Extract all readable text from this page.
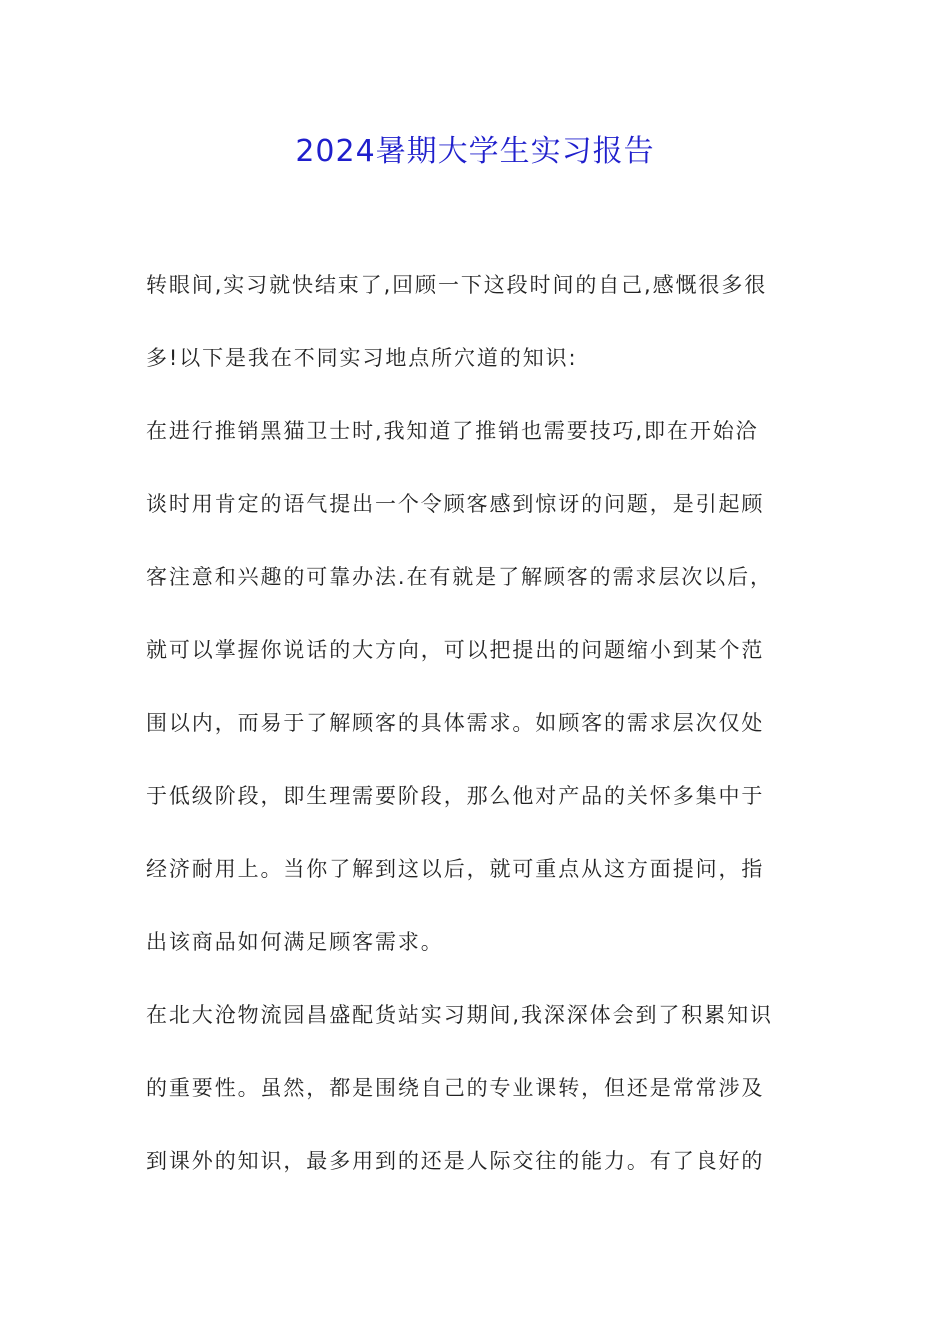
2024暑期大学生实习报告
转眼间,实习就快结束了,回顾一下这段时间的自己,感慨很多很
多!以下是我在不同实习地点所穴道的知识:
在进行推销黑猫卫士时,我知道了推销也需要技巧,即在开始洽
谈时用肯定的语气提出一个令顾客感到惊讶的问题，是引起顾
客注意和兴趣的可靠办法.在有就是了解顾客的需求层次以后，
就可以掌握你说话的大方向，可以把提出的问题缩小到某个范
围以内，而易于了解顾客的具体需求。如顾客的需求层次仅处
于低级阶段，即生理需要阶段，那么他对产品的关怀多集中于
经济耐用上。当你了解到这以后，就可重点从这方面提问，指
出该商品如何满足顾客需求。
在北大沧物流园昌盛配货站实习期间,我深深体会到了积累知识
的重要性。虽然，都是围绕自己的专业课转，但还是常常涉及
到课外的知识，最多用到的还是人际交往的能力。有了良好的
